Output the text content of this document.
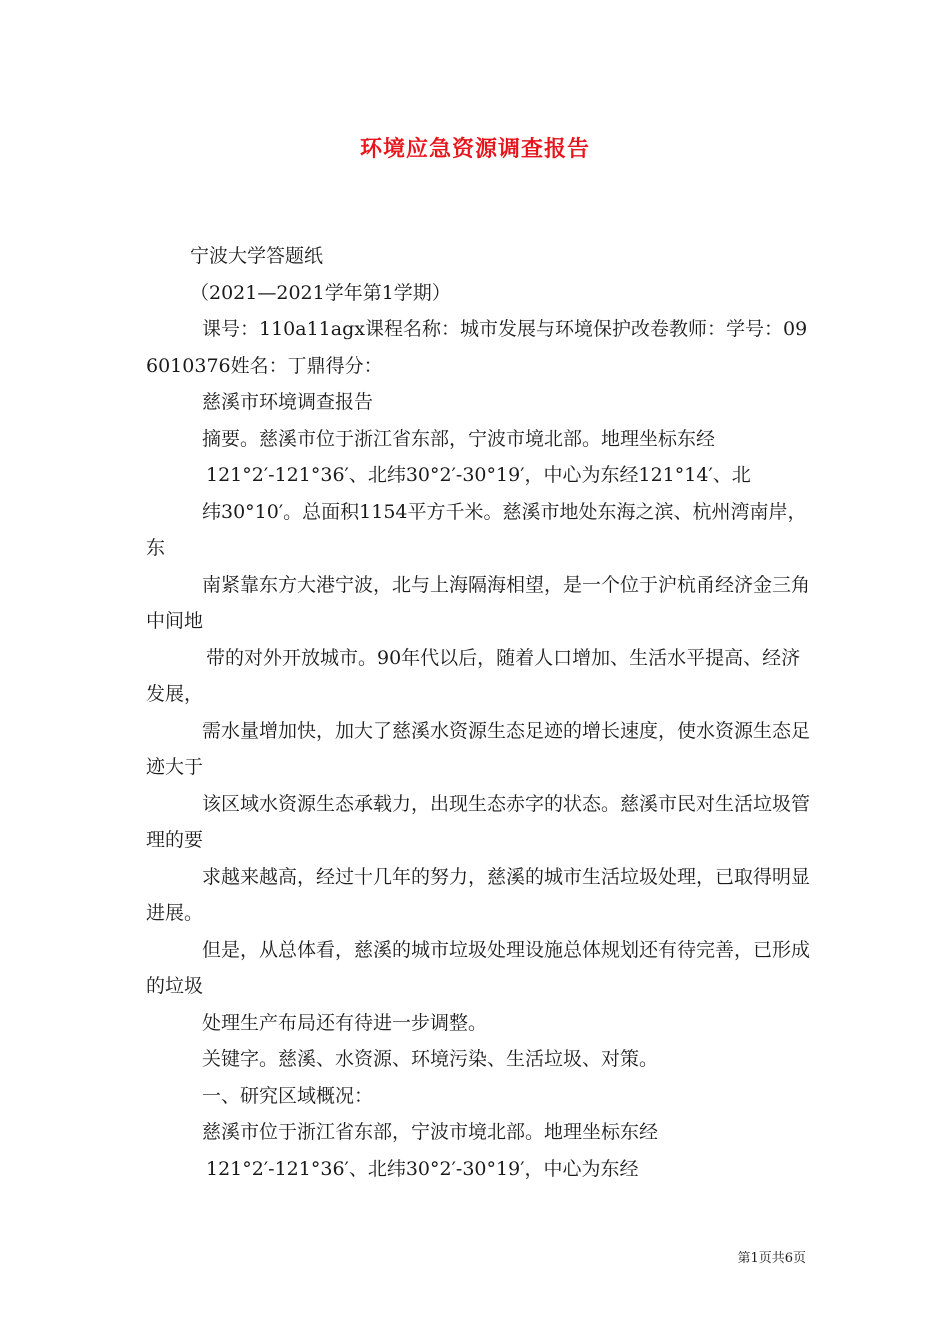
环境应急资源调查报告

宁波大学答题纸

（2021—2021学年第1学期）

课号：110a11agx课程名称：城市发展与环境保护改卷教师：学号：096010376姓名：丁鼎得分：

慈溪市环境调查报告

摘要。慈溪市位于浙江省东部，宁波市境北部。地理坐标东经

121°2′-121°36′、北纬30°2′-30°19′，中心为东经121°14′、北

纬30°10′。总面积1154平方千米。慈溪市地处东海之滨、杭州湾南岸，东

南紧靠东方大港宁波，北与上海隔海相望，是一个位于沪杭甬经济金三角中间地

带的对外开放城市。90年代以后，随着人口增加、生活水平提高、经济发展，

需水量增加快，加大了慈溪水资源生态足迹的增长速度，使水资源生态足迹大于

该区域水资源生态承载力，出现生态赤字的状态。慈溪市民对生活垃圾管理的要

求越来越高，经过十几年的努力，慈溪的城市生活垃圾处理，已取得明显进展。

但是，从总体看，慈溪的城市垃圾处理设施总体规划还有待完善，已形成的垃圾

处理生产布局还有待进一步调整。

关键字。慈溪、水资源、环境污染、生活垃圾、对策。

一、研究区域概况：

慈溪市位于浙江省东部，宁波市境北部。地理坐标东经

121°2′-121°36′、北纬30°2′-30°19′，中心为东经

第1页共6页
